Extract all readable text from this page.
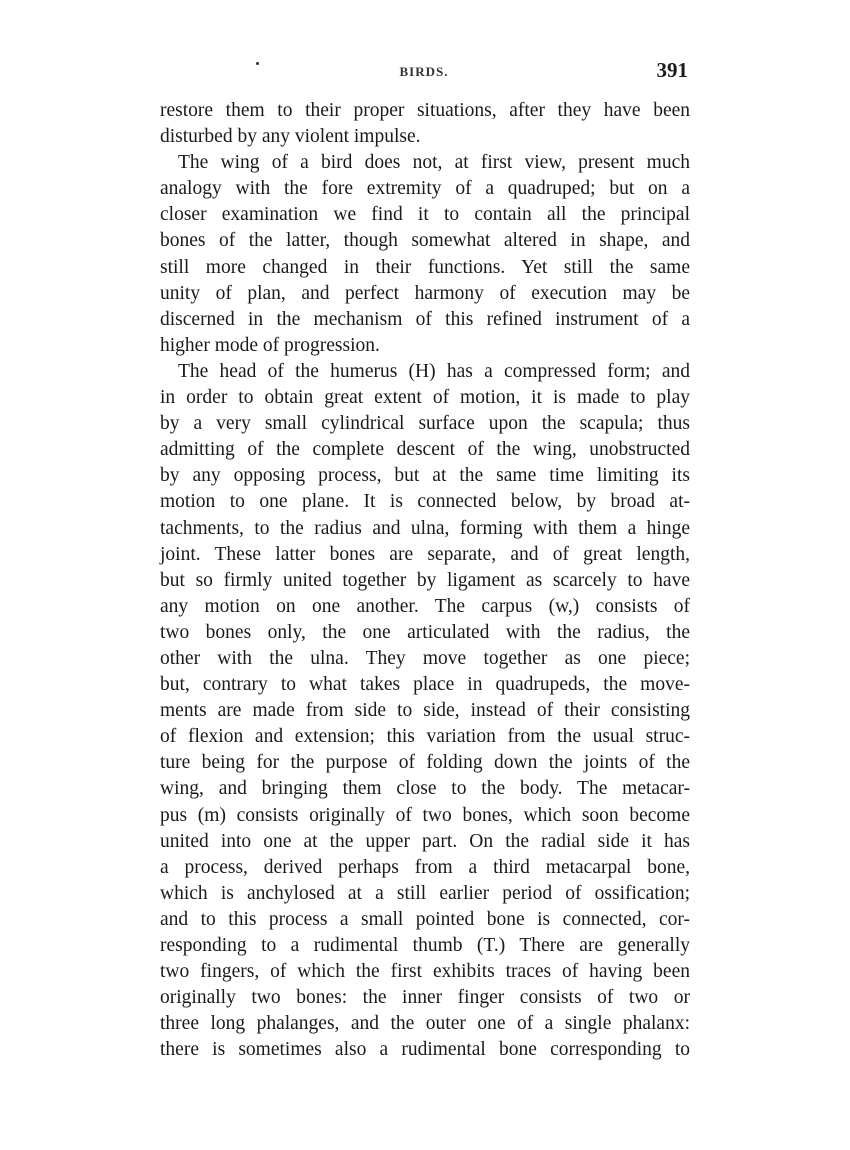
BIRDS.	391
restore them to their proper situations, after they have been
disturbed by any violent impulse.
The wing of a bird does not, at first view, present much
analogy with the fore extremity of a quadruped; but on a
closer examination we find it to contain all the principal
bones of the latter, though somewhat altered in shape, and
still more changed in their functions. Yet still the same
unity of plan, and perfect harmony of execution may be
discerned in the mechanism of this refined instrument of a
higher mode of progression.
The head of the humerus (H) has a compressed form; and
in order to obtain great extent of motion, it is made to play
by a very small cylindrical surface upon the scapula; thus
admitting of the complete descent of the wing, unobstructed
by any opposing process, but at the same time limiting its
motion to one plane. It is connected below, by broad at-
tachments, to the radius and ulna, forming with them a hinge
joint. These latter bones are separate, and of great length,
but so firmly united together by ligament as scarcely to have
any motion on one another. The carpus (w,) consists of
two bones only, the one articulated with the radius, the
other with the ulna. They move together as one piece;
but, contrary to what takes place in quadrupeds, the move-
ments are made from side to side, instead of their consisting
of flexion and extension; this variation from the usual struc-
ture being for the purpose of folding down the joints of the
wing, and bringing them close to the body. The metacar-
pus (m) consists originally of two bones, which soon become
united into one at the upper part. On the radial side it has
a process, derived perhaps from a third metacarpal bone,
which is anchylosed at a still earlier period of ossification;
and to this process a small pointed bone is connected, cor-
responding to a rudimental thumb (T.) There are generally
two fingers, of which the first exhibits traces of having been
originally two bones: the inner finger consists of two or
three long phalanges, and the outer one of a single phalanx:
there is sometimes also a rudimental bone corresponding to
